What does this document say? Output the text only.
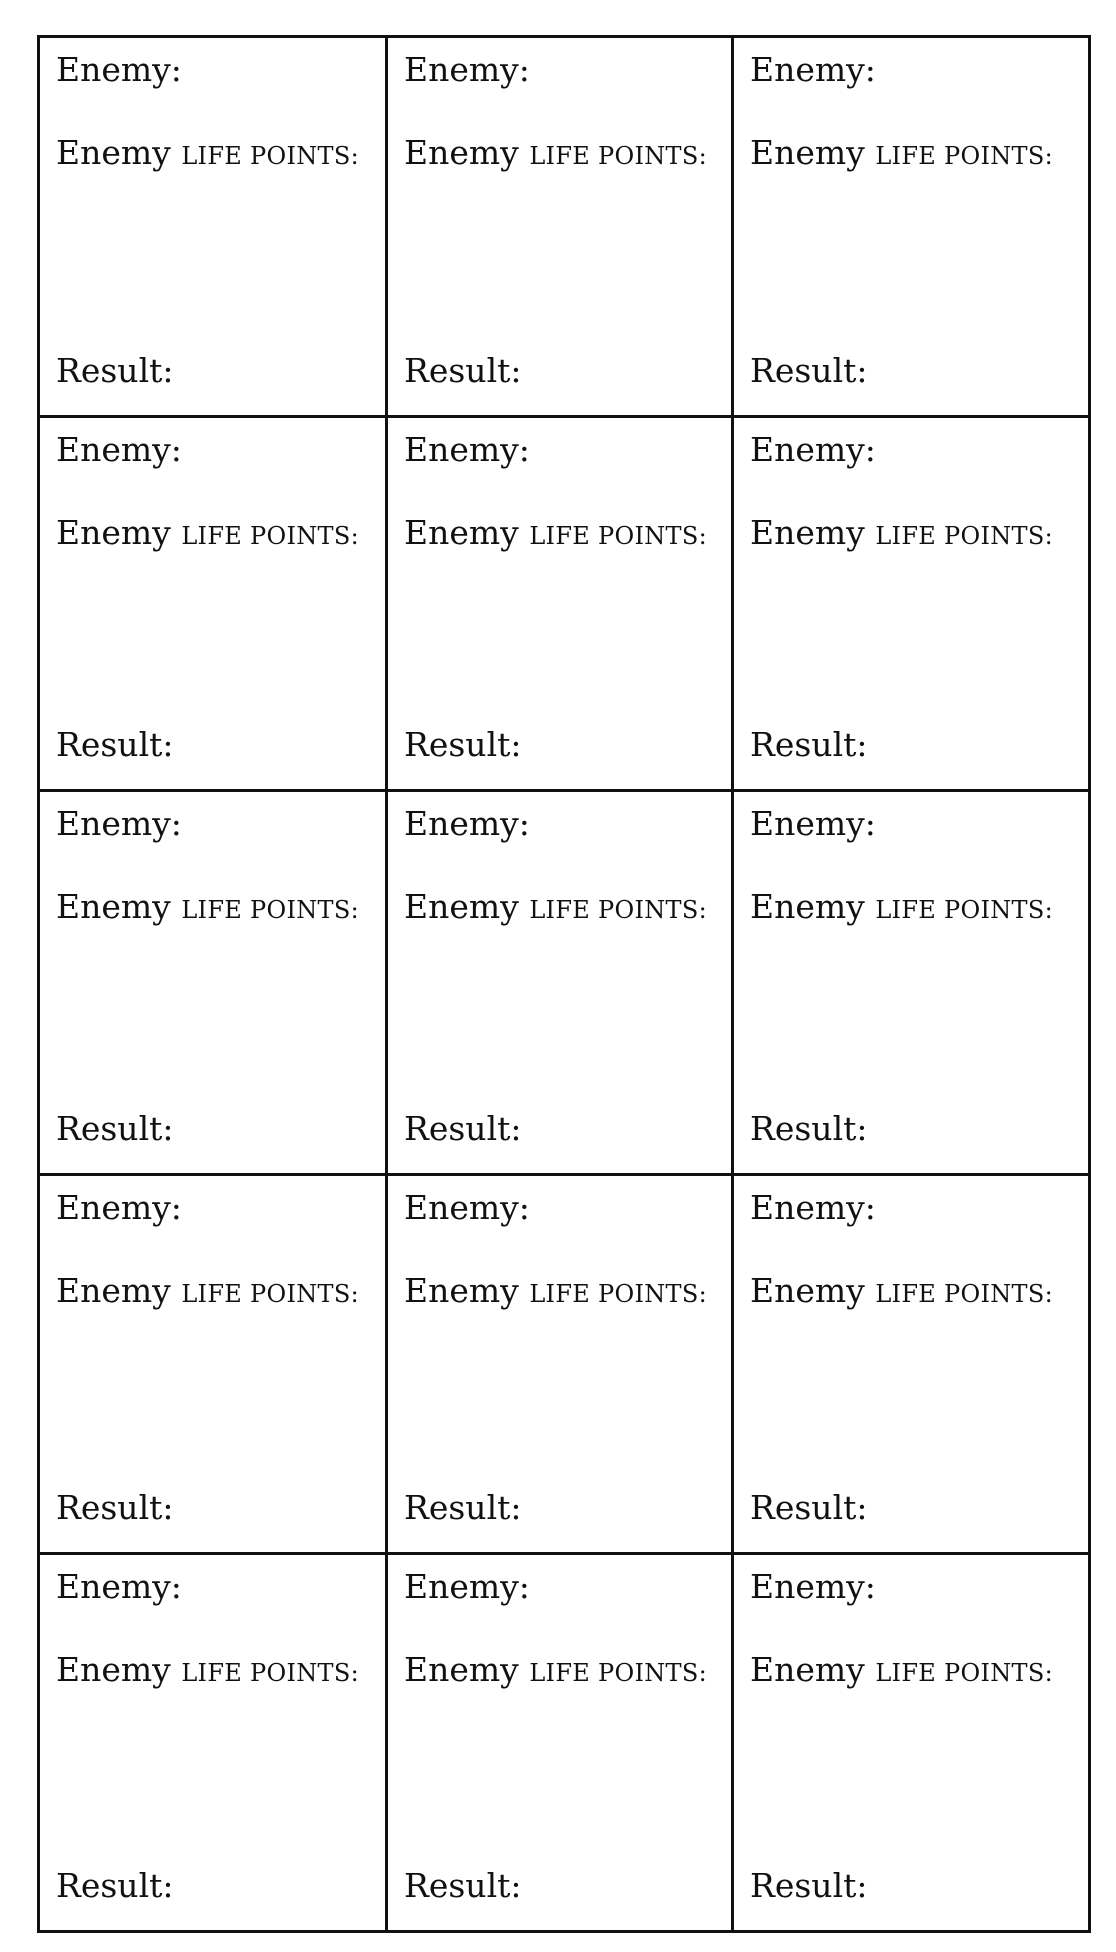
Enemy:
Enemy LIFE POINTS:
Result:
Enemy:
Enemy LIFE POINTS:
Result:
Enemy:
Enemy LIFE POINTS:
Result:
Enemy:
Enemy LIFE POINTS:
Result:
Enemy:
Enemy LIFE POINTS:
Result:
Enemy:
Enemy LIFE POINTS:
Result:
Enemy:
Enemy LIFE POINTS:
Result:
Enemy:
Enemy LIFE POINTS:
Result:
Enemy:
Enemy LIFE POINTS:
Result:
Enemy:
Enemy LIFE POINTS:
Result:
Enemy:
Enemy LIFE POINTS:
Result:
Enemy:
Enemy LIFE POINTS:
Result:
Enemy:
Enemy LIFE POINTS:
Result:
Enemy:
Enemy LIFE POINTS:
Result:
Enemy:
Enemy LIFE POINTS:
Result:
